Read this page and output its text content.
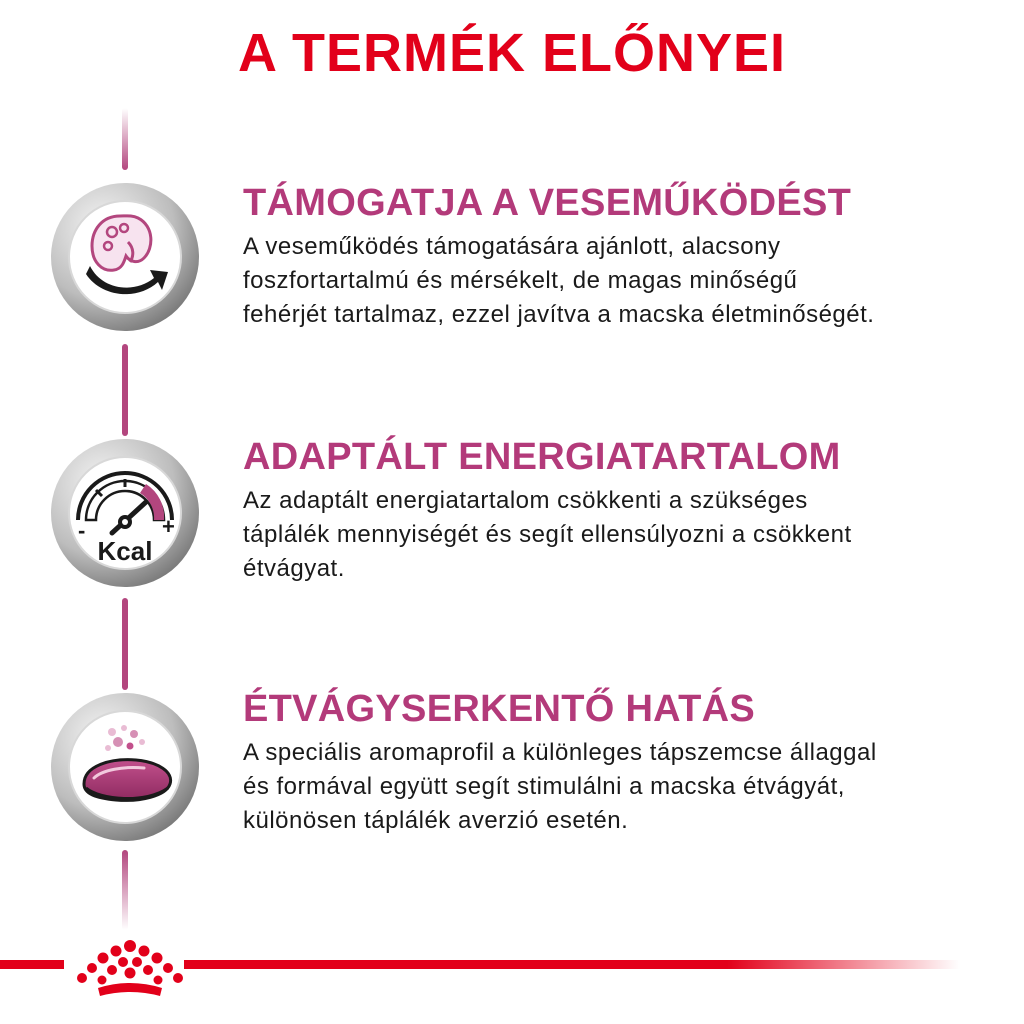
A TERMÉK ELŐNYEI
-	+
Kcal
TÁMOGATJA A VESEMŰKÖDÉST

A veseműködés támogatására ajánlott, alacsony
foszfortartalmú és mérsékelt, de magas minőségű
fehérjét tartalmaz, ezzel javítva a macska életminőségét.

ADAPTÁLT ENERGIATARTALOM

Az adaptált energiatartalom csökkenti a szükséges
táplálék mennyiségét és segít ellensúlyozni a csökkent
étvágyat.

ÉTVÁGYSERKENTŐ HATÁS

A speciális aromaprofil a különleges tápszemcse állaggal
és formával együtt segít stimulálni a macska étvágyát,
különösen táplálék averzió esetén.
